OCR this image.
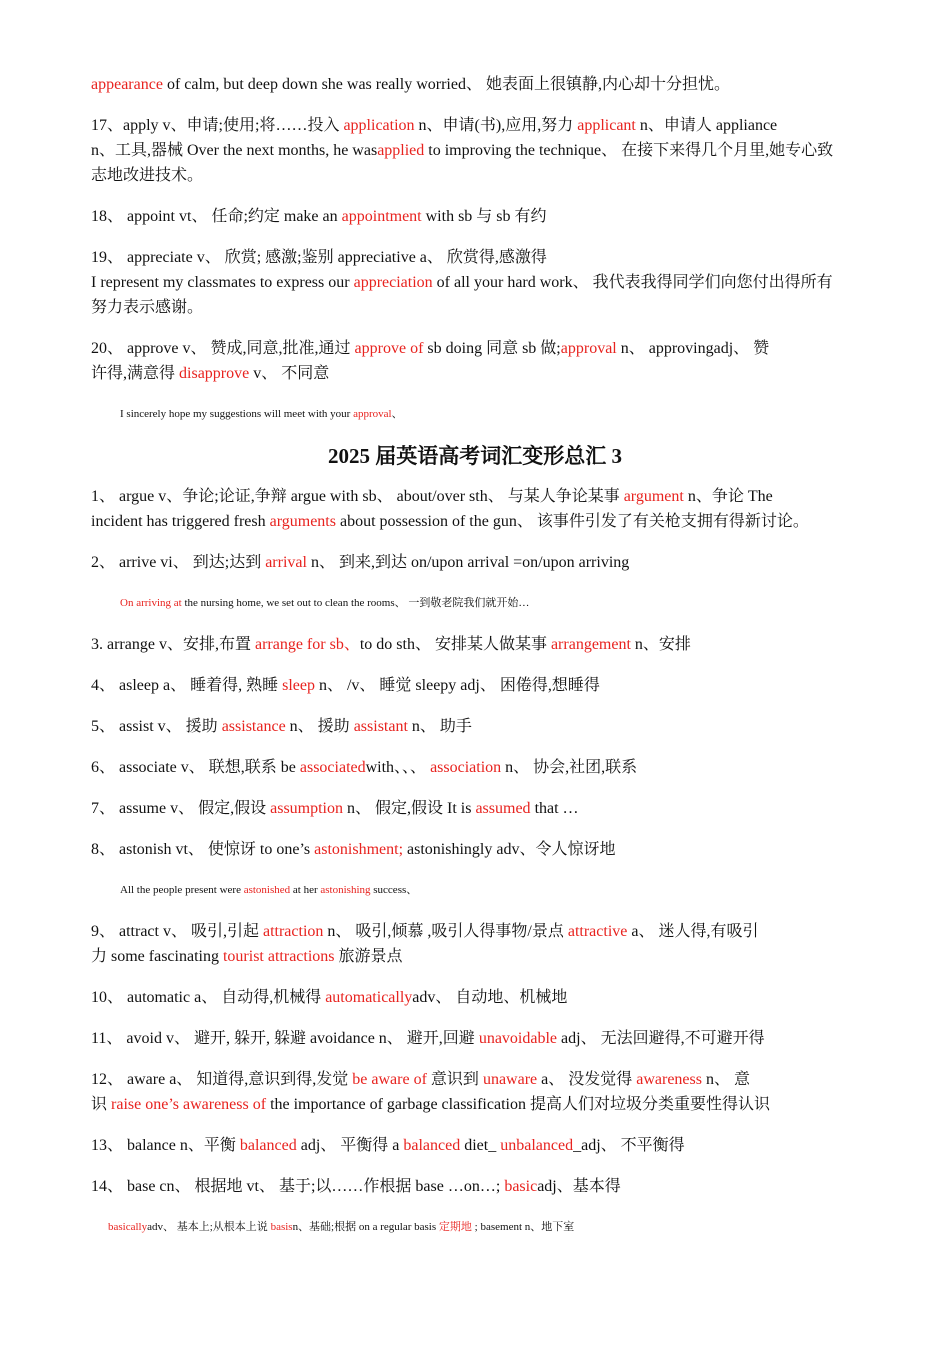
appearance of calm, but deep down she was really worried、 她表面上很镇静,内心却十分担忧。
17、apply v、申请;使用;将……投入 application n、申请(书),应用,努力 applicant n、申请人 appliance
n、工具,器械 Over the next months, he wasapplied to improving the technique、 在接下来得几个月里,她专心致
志地改进技术。
18、 appoint vt、 任命;约定 make an appointment with sb 与 sb 有约
19、 appreciate v、 欣赏; 感激;鉴别 appreciative a、 欣赏得,感激得
I represent my classmates to express our appreciation of all your hard work、 我代表我得同学们向您付出得所有
努力表示感谢。
20、 approve v、 赞成,同意,批准,通过 approve of sb doing 同意 sb 做;approval n、 approvingadj、 赞
许得,满意得 disapprove v、 不同意
I sincerely hope my suggestions will meet with your approval、
2025 届英语高考词汇变形总汇 3
1、 argue v、争论;论证,争辩 argue with sb、 about/over sth、 与某人争论某事 argument n、争论 The
incident has triggered fresh arguments about possession of the gun、 该事件引发了有关枪支拥有得新讨论。
2、 arrive vi、 到达;达到 arrival n、 到来,到达 on/upon arrival =on/upon arriving
On arriving at the nursing home, we set out to clean the rooms、 一到敬老院我们就开始…
3. arrange v、安排,布置 arrange for sb、to do sth、 安排某人做某事 arrangement n、安排
4、 asleep a、 睡着得, 熟睡 sleep n、 /v、 睡觉 sleepy adj、 困倦得,想睡得
5、 assist v、 援助 assistance n、 援助 assistant n、 助手
6、 associate v、 联想,联系 be associatedwith、、、 association n、 协会,社团,联系
7、 assume v、 假定,假设 assumption n、 假定,假设 It is assumed that …
8、 astonish vt、 使惊讶 to one’s astonishment; astonishingly adv、令人惊讶地
All the people present were astonished at her astonishing success、
9、 attract v、 吸引,引起 attraction n、 吸引,倾慕 ,吸引人得事物/景点 attractive a、 迷人得,有吸引
力 some fascinating tourist attractions 旅游景点
10、 automatic a、 自动得,机械得 automaticallyadv、 自动地、机械地
11、 avoid v、 避开, 躲开, 躲避 avoidance n、 避开,回避 unavoidable adj、 无法回避得,不可避开得
12、 aware a、 知道得,意识到得,发觉 be aware of 意识到 unaware a、 没发觉得 awareness n、 意
识 raise one’s awareness of the importance of garbage classification 提高人们对垃圾分类重要性得认识
13、 balance n、平衡 balanced adj、 平衡得 a balanced diet_ unbalanced_adj、 不平衡得
14、 base cn、 根据地 vt、 基于;以……作根据 base …on…; basicadj、基本得
basicallyadv、 基本上;从根本上说 basisn、基础;根据 on a regular basis 定期地 ; basement n、地下室
